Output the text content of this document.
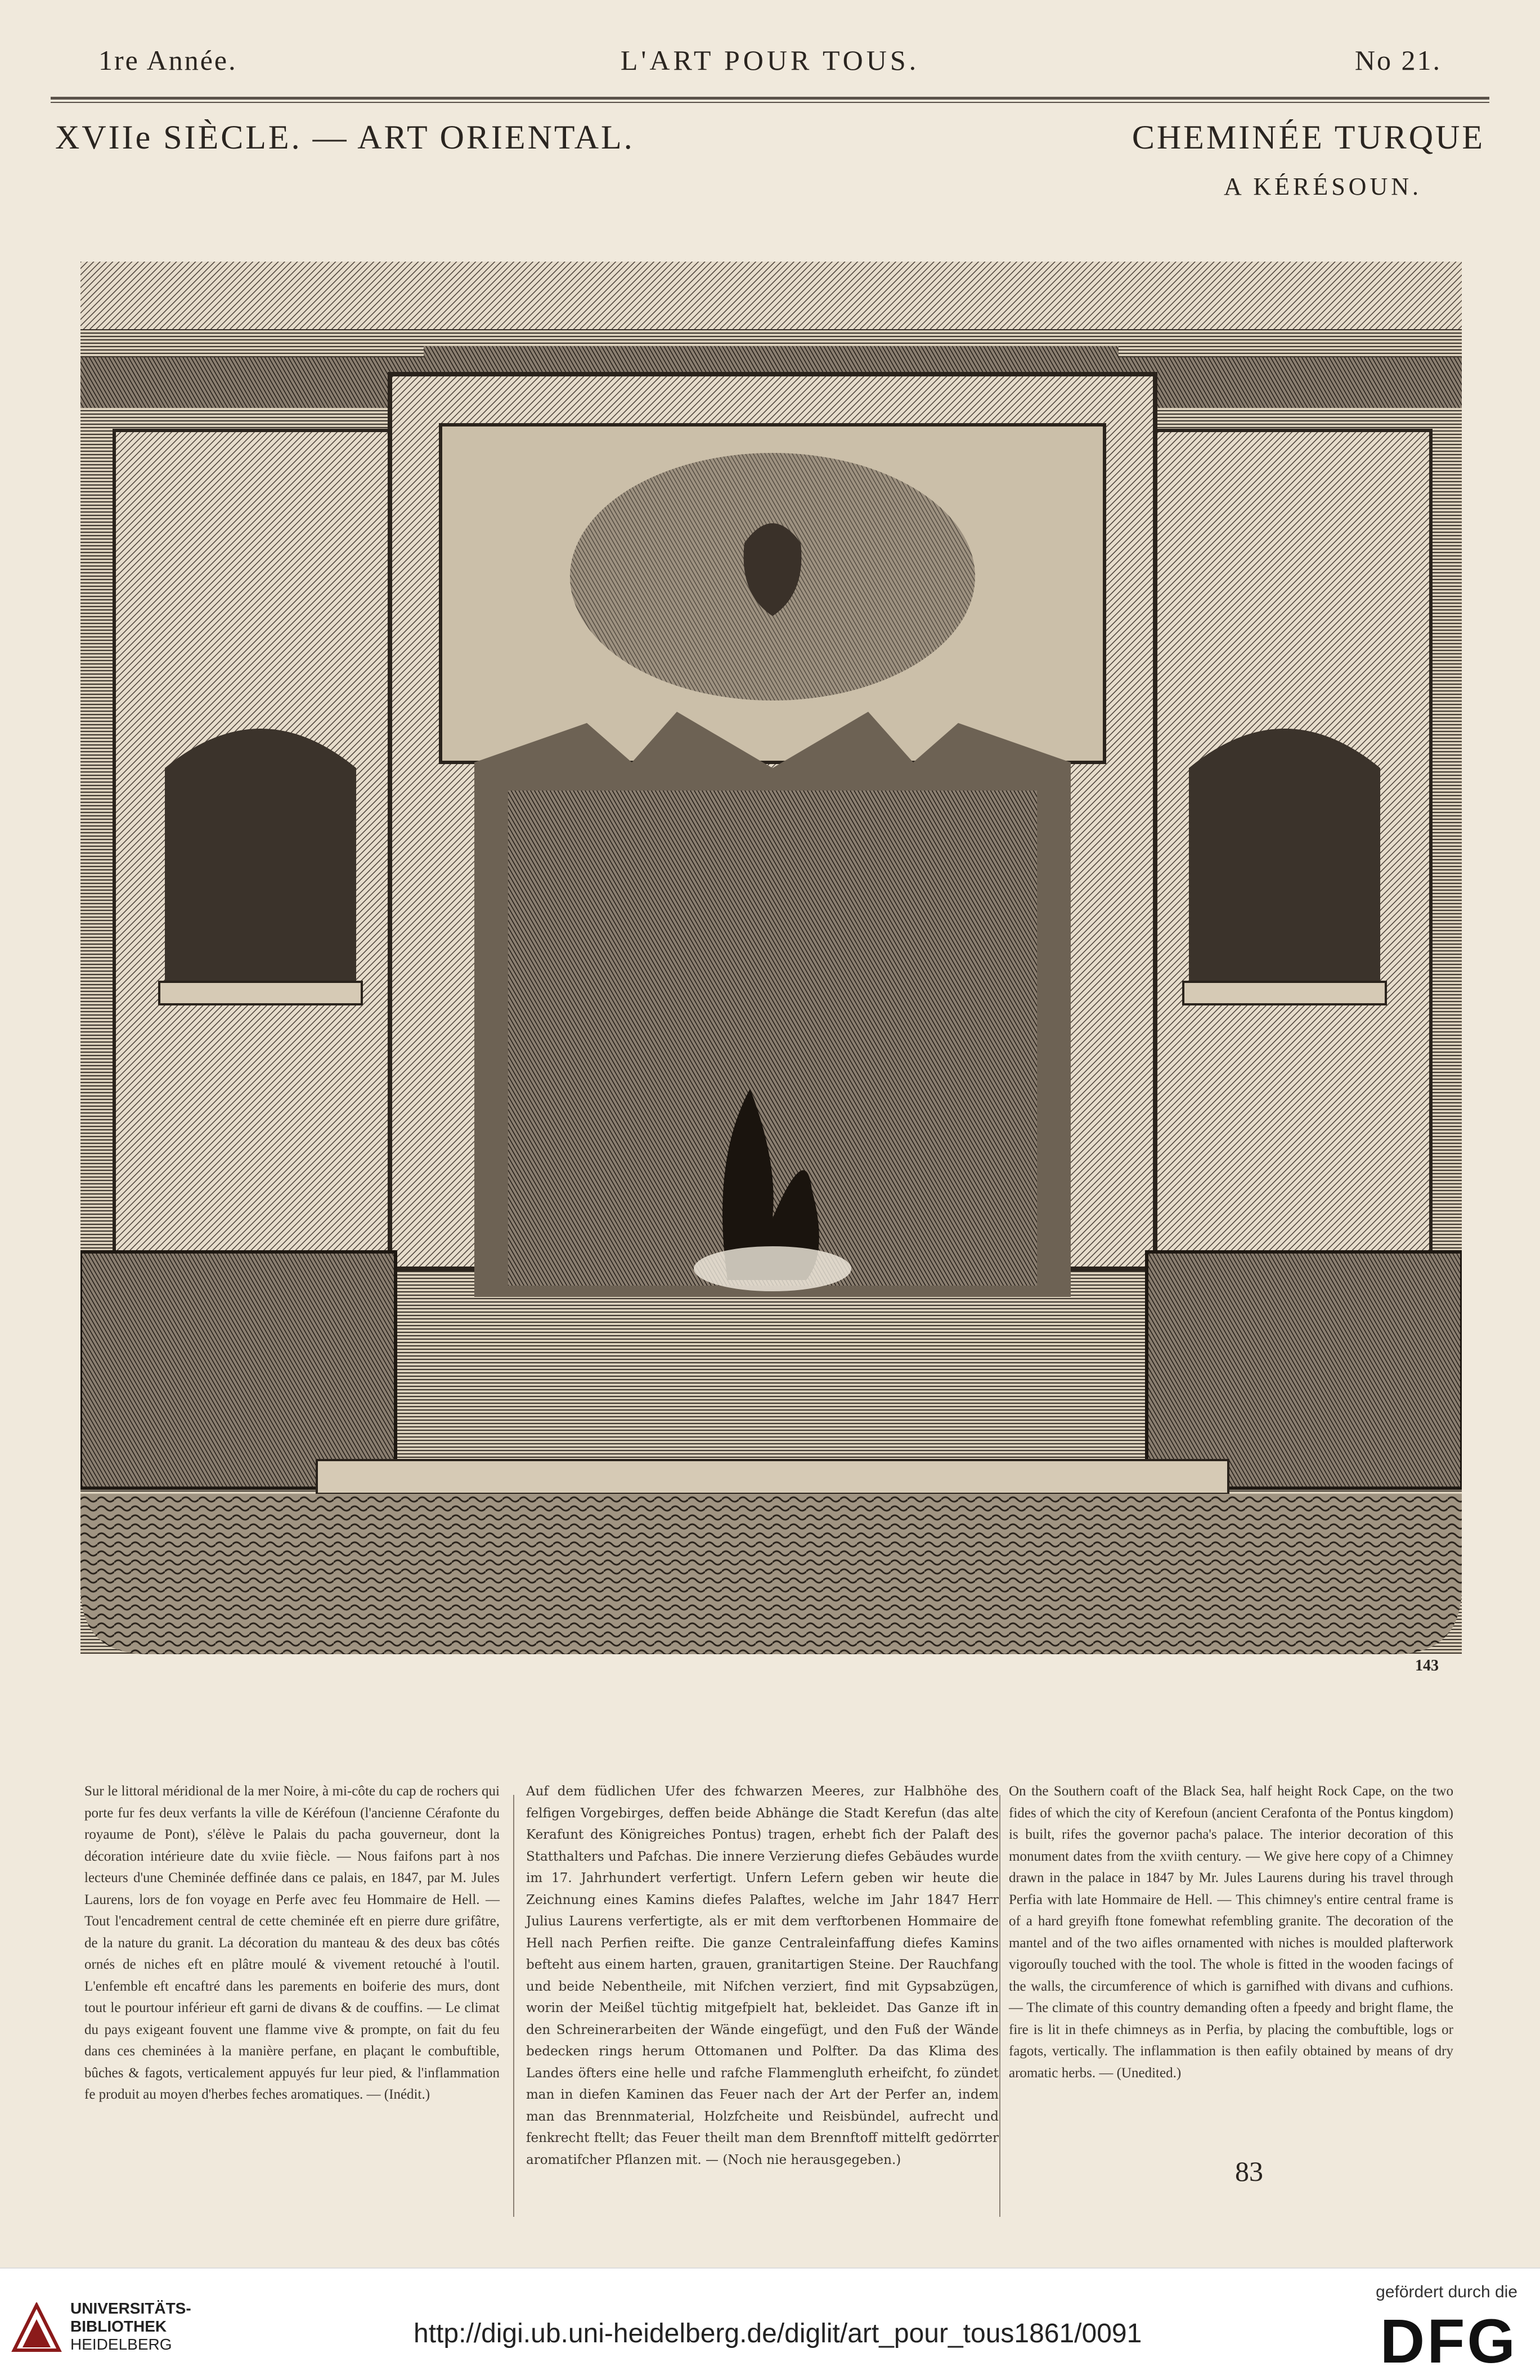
1re Année.	L'ART POUR TOUS.	No 21.
XVIIe SIÈCLE. — ART ORIENTAL.	CHEMINÉE TURQUE
A KÉRÉSOUN.
143
Sur le littoral méridional de la mer Noire, à mi-côte du cap de rochers qui porte fur fes deux verfants la ville de Kéréfoun (l'ancienne Cérafonte du royaume de Pont), s'élève le Palais du pacha gouverneur, dont la décoration intérieure date du xviie fiècle. — Nous faifons part à nos lecteurs d'une Cheminée deffinée dans ce palais, en 1847, par M. Jules Laurens, lors de fon voyage en Perfe avec feu Hommaire de Hell. — Tout l'encadrement central de cette cheminée eft en pierre dure grifâtre, de la nature du granit. La décoration du manteau & des deux bas côtés ornés de niches eft en plâtre moulé & vivement retouché à l'outil. L'enfemble eft encaftré dans les parements en boiferie des murs, dont tout le pourtour inférieur eft garni de divans & de couffins. — Le climat du pays exigeant fouvent une flamme vive & prompte, on fait du feu dans ces cheminées à la manière perfane, en plaçant le combuftible, bûches & fagots, verticalement appuyés fur leur pied, & l'inflammation fe produit au moyen d'herbes feches aromatiques. — (Inédit.)
Auf dem füdlichen Ufer des fchwarzen Meeres, zur Halbhöhe des felfigen Vorgebirges, deffen beide Abhänge die Stadt Kerefun (das alte Kerafunt des Königreiches Pontus) tragen, erhebt fich der Palaft des Statthalters und Pafchas. Die innere Verzierung diefes Gebäudes wurde im 17. Jahrhundert verfertigt. Unfern Lefern geben wir heute die Zeichnung eines Kamins diefes Palaftes, welche im Jahr 1847 Herr Julius Laurens verfertigte, als er mit dem verftorbenen Hommaire de Hell nach Perfien reifte. Die ganze Centraleinfaffung diefes Kamins befteht aus einem harten, grauen, granitartigen Steine. Der Rauchfang und beide Nebentheile, mit Nifchen verziert, find mit Gypsabzügen, worin der Meißel tüchtig mitgefpielt hat, bekleidet. Das Ganze ift in den Schreinerarbeiten der Wände eingefügt, und den Fuß der Wände bedecken rings herum Ottomanen und Polfter. Da das Klima des Landes öfters eine helle und rafche Flammengluth erheifcht, fo zündet man in diefen Kaminen das Feuer nach der Art der Perfer an, indem man das Brennmaterial, Holzfcheite und Reisbündel, aufrecht und fenkrecht ftellt; das Feuer theilt man dem Brennftoff mittelft gedörrter aromatifcher Pflanzen mit. — (Noch nie herausgegeben.)
On the Southern coaft of the Black Sea, half height Rock Cape, on the two fides of which the city of Kerefoun (ancient Cerafonta of the Pontus kingdom) is built, rifes the governor pacha's palace. The interior decoration of this monument dates from the xviith century. — We give here copy of a Chimney drawn in the palace in 1847 by Mr. Jules Laurens during his travel through Perfia with late Hommaire de Hell. — This chimney's entire central frame is of a hard greyifh ftone fomewhat refembling granite. The decoration of the mantel and of the two aifles ornamented with niches is moulded plafterwork vigorouſly touched with the tool. The whole is fitted in the wooden facings of the walls, the circumference of which is garnifhed with divans and cufhions. — The climate of this country demanding often a fpeedy and bright flame, the fire is lit in thefe chimneys as in Perfia, by placing the combuftible, logs or fagots, vertically. The inflammation is then eafily obtained by means of dry aromatic herbs. — (Unedited.)
83
UNIVERSITÄTS-
BIBLIOTHEK
HEIDELBERG	http://digi.ub.uni-heidelberg.de/diglit/art_pour_tous1861/0091
gefördert durch die
DFG
